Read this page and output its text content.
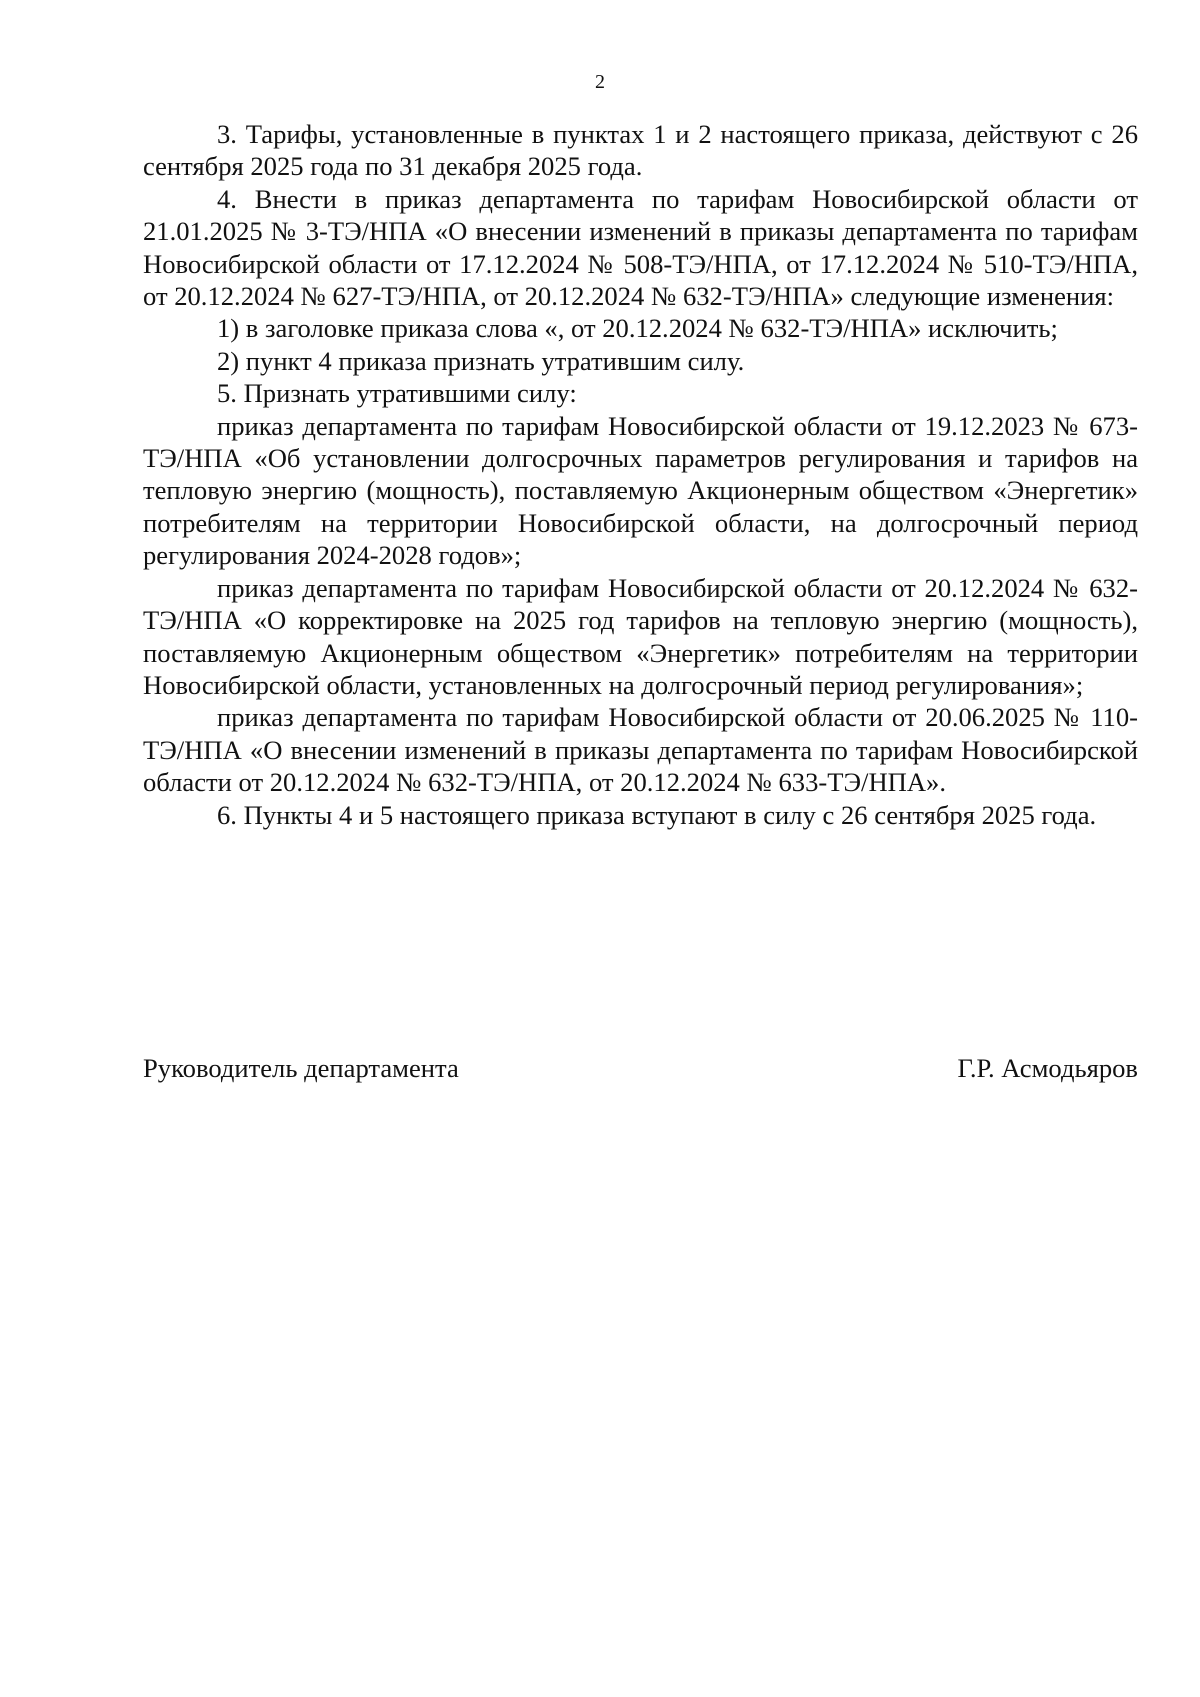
2

3. Тарифы, установленные в пунктах 1 и 2 настоящего приказа, действуют с 26 сентября 2025 года по 31 декабря 2025 года.

4. Внести в приказ департамента по тарифам Новосибирской области от 21.01.2025 № 3-ТЭ/НПА «О внесении изменений в приказы департамента по тарифам Новосибирской области от 17.12.2024 № 508-ТЭ/НПА, от 17.12.2024 № 510-ТЭ/НПА, от 20.12.2024 № 627-ТЭ/НПА, от 20.12.2024 № 632-ТЭ/НПА» следующие изменения:

1) в заголовке приказа слова «, от 20.12.2024 № 632-ТЭ/НПА» исключить;

2) пункт 4 приказа признать утратившим силу.

5. Признать утратившими силу:

приказ департамента по тарифам Новосибирской области от 19.12.2023 № 673-ТЭ/НПА «Об установлении долгосрочных параметров регулирования и тарифов на тепловую энергию (мощность), поставляемую Акционерным обществом «Энергетик» потребителям на территории Новосибирской области, на долгосрочный период регулирования 2024-2028 годов»;

приказ департамента по тарифам Новосибирской области от 20.12.2024 № 632-ТЭ/НПА «О корректировке на 2025 год тарифов на тепловую энергию (мощность), поставляемую Акционерным обществом «Энергетик» потребителям на территории Новосибирской области, установленных на долгосрочный период регулирования»;

приказ департамента по тарифам Новосибирской области от 20.06.2025 № 110-ТЭ/НПА «О внесении изменений в приказы департамента по тарифам Новосибирской области от 20.12.2024 № 632-ТЭ/НПА, от 20.12.2024 № 633-ТЭ/НПА».

6. Пункты 4 и 5 настоящего приказа вступают в силу с 26 сентября 2025 года.

Руководитель департамента	Г.Р. Асмодьяров
